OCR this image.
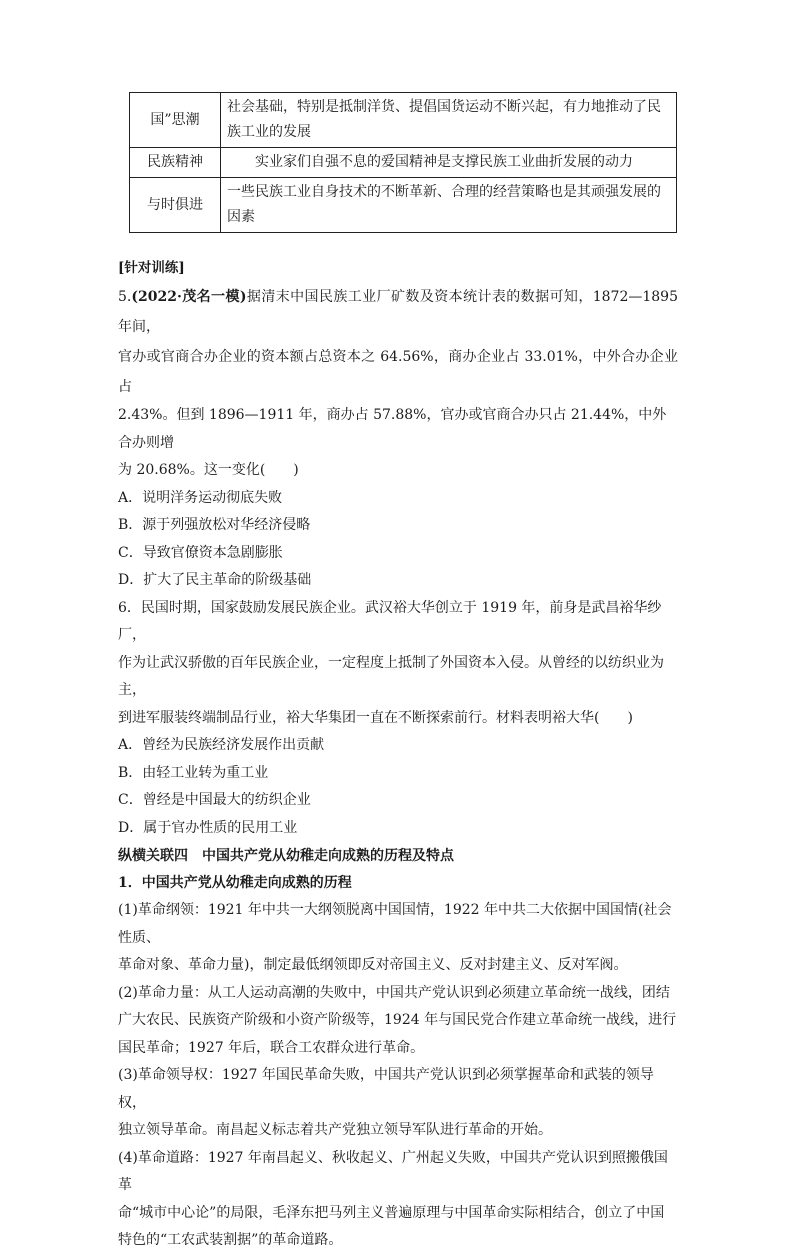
国”思潮	社会基础，特别是抵制洋货、提倡国货运动不断兴起，有力地推动了民族工业的发展
民族精神	实业家们自强不息的爱国精神是支撑民族工业曲折发展的动力
与时俱进	一些民族工业自身技术的不断革新、合理的经营策略也是其顽强发展的因素
[针对训练]
5.(2022·茂名一模)据清末中国民族工业厂矿数及资本统计表的数据可知，1872—1895年间，
官办或官商合办企业的资本额占总资本之 64.56%，商办企业占 33.01%，中外合办企业占
2.43%。但到 1896—1911 年，商办占 57.88%，官办或官商合办只占 21.44%，中外合办则增
为 20.68%。这一变化(　　)
A．说明洋务运动彻底失败
B．源于列强放松对华经济侵略
C．导致官僚资本急剧膨胀
D．扩大了民主革命的阶级基础
6．民国时期，国家鼓励发展民族企业。武汉裕大华创立于 1919 年，前身是武昌裕华纱厂，
作为让武汉骄傲的百年民族企业，一定程度上抵制了外国资本入侵。从曾经的以纺织业为主，
到进军服装终端制品行业，裕大华集团一直在不断探索前行。材料表明裕大华(　　)
A．曾经为民族经济发展作出贡献
B．由轻工业转为重工业
C．曾经是中国最大的纺织企业
D．属于官办性质的民用工业
纵横关联四　中国共产党从幼稚走向成熟的历程及特点
1．中国共产党从幼稚走向成熟的历程
(1)革命纲领：1921 年中共一大纲领脱离中国国情，1922 年中共二大依据中国国情(社会性质、
革命对象、革命力量)，制定最低纲领即反对帝国主义、反对封建主义、反对军阀。
(2)革命力量：从工人运动高潮的失败中，中国共产党认识到必须建立革命统一战线，团结
广大农民、民族资产阶级和小资产阶级等，1924 年与国民党合作建立革命统一战线，进行
国民革命；1927 年后，联合工农群众进行革命。
(3)革命领导权：1927 年国民革命失败，中国共产党认识到必须掌握革命和武装的领导权，
独立领导革命。南昌起义标志着共产党独立领导军队进行革命的开始。
(4)革命道路：1927 年南昌起义、秋收起义、广州起义失败，中国共产党认识到照搬俄国革
命“城市中心论”的局限，毛泽东把马列主义普遍原理与中国革命实际相结合，创立了中国
特色的“工农武装割据”的革命道路。
